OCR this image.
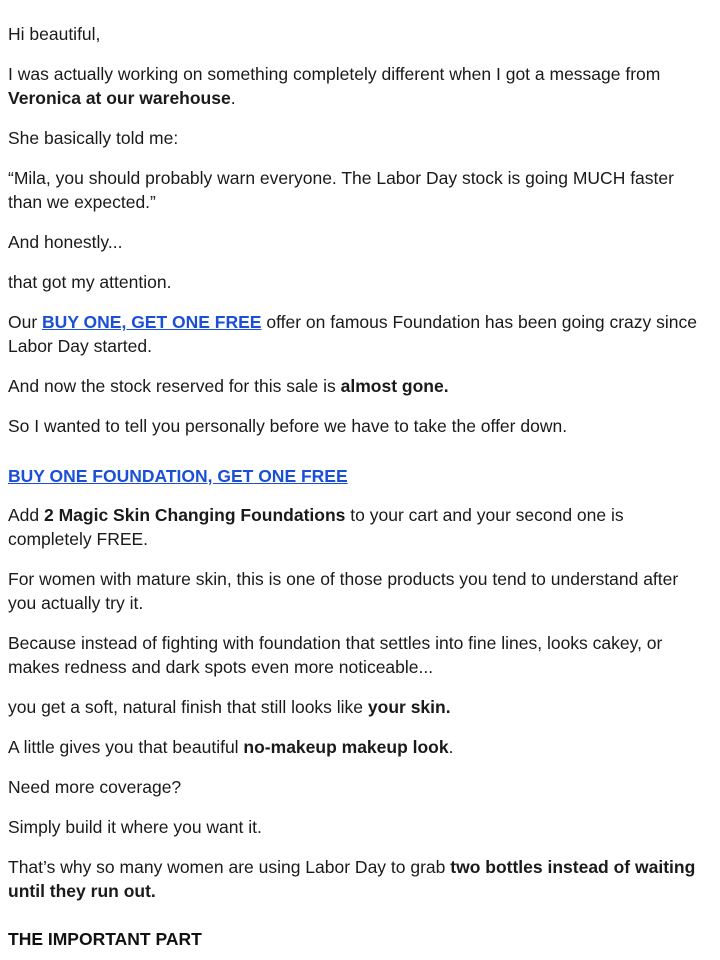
Hi beautiful,

I was actually working on something completely different when I got a message from Veronica at our warehouse.

She basically told me:

“Mila, you should probably warn everyone. The Labor Day stock is going MUCH faster than we expected.”

And honestly...

that got my attention.

Our BUY ONE, GET ONE FREE offer on famous Foundation has been going crazy since Labor Day started.

And now the stock reserved for this sale is almost gone.

So I wanted to tell you personally before we have to take the offer down.

BUY ONE FOUNDATION, GET ONE FREE

Add 2 Magic Skin Changing Foundations to your cart and your second one is completely FREE.

For women with mature skin, this is one of those products you tend to understand after you actually try it.

Because instead of fighting with foundation that settles into fine lines, looks cakey, or makes redness and dark spots even more noticeable...

you get a soft, natural finish that still looks like your skin.

A little gives you that beautiful no-makeup makeup look.

Need more coverage?

Simply build it where you want it.

That’s why so many women are using Labor Day to grab two bottles instead of waiting until they run out.

THE IMPORTANT PART
